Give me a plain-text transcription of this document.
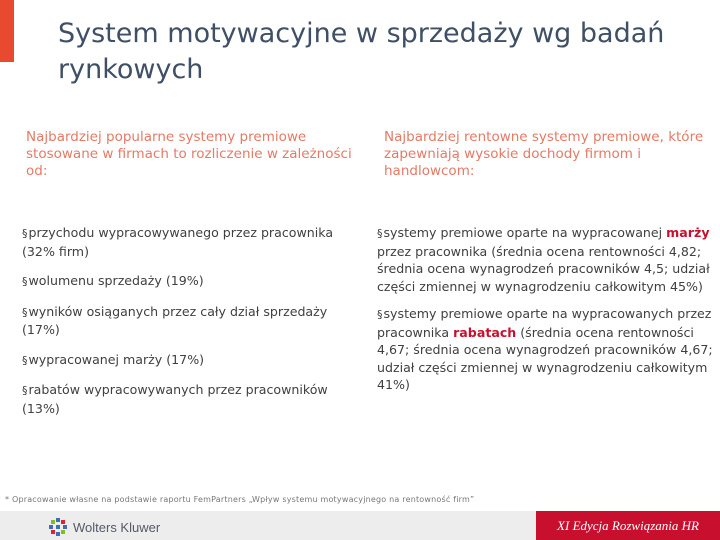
System motywacyjne w sprzedaży wg badań rynkowych

Najbardziej popularne systemy premiowe stosowane w firmach to rozliczenie w zależności od:

Najbardziej rentowne systemy premiowe, które zapewniają wysokie dochody firmom i handlowcom:

§przychodu wypracowywanego przez pracownika (32% firm)
§wolumenu sprzedaży (19%)
§wyników osiąganych przez cały dział sprzedaży (17%)
§wypracowanej marży (17%)
§rabatów wypracowywanych przez pracowników (13%)
§systemy premiowe oparte na wypracowanej marży przez pracownika (średnia ocena rentowności 4,82; średnia ocena wynagrodzeń pracowników 4,5; udział części zmiennej w wynagrodzeniu całkowitym 45%)
§systemy premiowe oparte na wypracowanych przez pracownika rabatach (średnia ocena rentowności 4,67; średnia ocena wynagrodzeń pracowników 4,67; udział części zmiennej w wynagrodzeniu całkowitym 41%)
* Opracowanie własne na podstawie raportu FemPartners „Wpływ systemu motywacyjnego na rentowność firm”
Wolters Kluwer	XI Edycja Rozwiązania HR
